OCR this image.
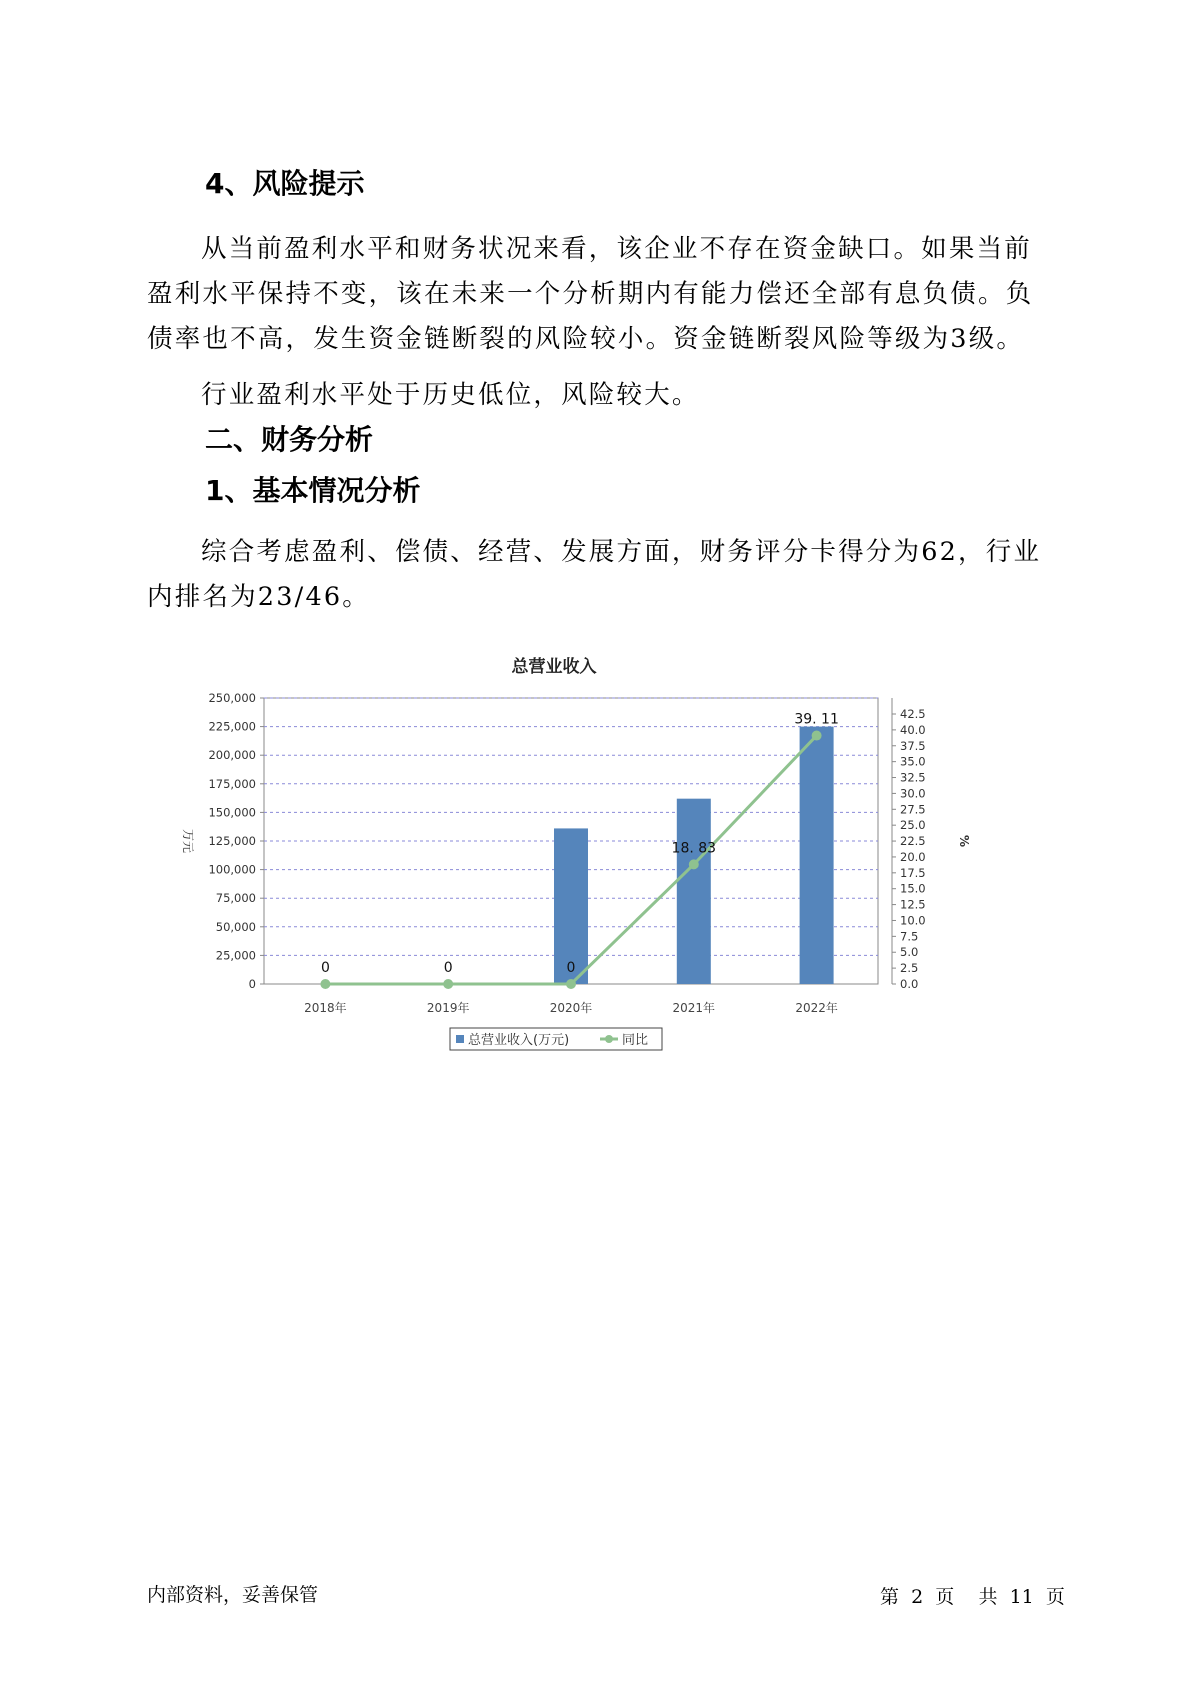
4、风险提示

从当前盈利水平和财务状况来看，该企业不存在资金缺口。如果当前盈利水平保持不变，该在未来一个分析期内有能力偿还全部有息负债。负债率也不高，发生资金链断裂的风险较小。资金链断裂风险等级为3级。

行业盈利水平处于历史低位，风险较大。

二、财务分析
1、基本情况分析

综合考虑盈利、偿债、经营、发展方面，财务评分卡得分为62，行业内排名为23/46。

总营业收入
0
25,000
50,000
75,000
100,000
125,000
150,000
175,000
200,000
225,000
250,000
0.0
2.5
5.0
7.5
10.0
12.5
15.0
17.5
20.0
22.5
25.0
27.5
30.0
32.5
35.0
37.5
40.0
42.5
万元	%
2018年	2019年	2020年	2021年	2022年
0	0	0
18. 83
39. 11
总营业收入(万元)	同比
内部资料，妥善保管	第 2 页 共 11 页
